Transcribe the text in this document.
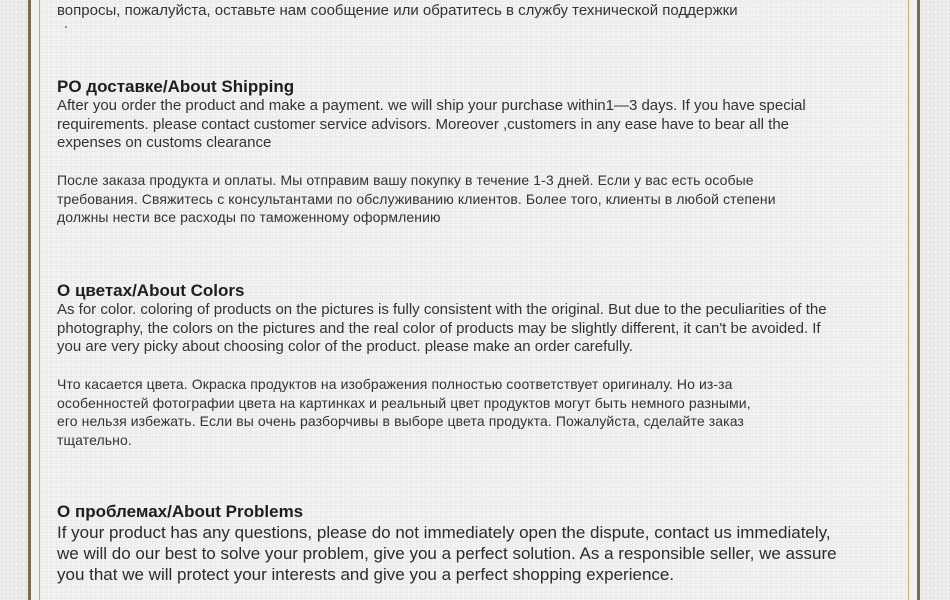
вопросы, пожалуйста, оставьте нам сообщение или обратитесь в службу технической поддержки

PO доставке/About Shipping

After you order the product and make a payment. we will ship your purchase within1—3 days. If you have special

requirements. please contact customer service advisors. Moreover ,customers in any ease have to bear all the

expenses on customs clearance

После заказа продукта и оплаты. Мы отправим вашу покупку в течение 1-3 дней. Если у вас есть особые

требования. Свяжитесь с консультантами по обслуживанию клиентов. Более того, клиенты в любой степени

должны нести все расходы по таможенному оформлению

О цветах/About Colors

As for color. coloring of products on the pictures is fully consistent with the original. But due to the peculiarities of the

photography, the colors on the pictures and the real color of products may be slightly different, it can't be avoided. If

you are very picky about choosing color of the product. please make an order carefully.

Что касается цвета. Окраска продуктов на изображения полностью соответствует оригиналу. Но из-за

особенностей фотографии цвета на картинках и реальный цвет продуктов могут быть немного разными,

его нельзя избежать. Если вы очень разборчивы в выборе цвета продукта. Пожалуйста, сделайте заказ

тщательно.

О проблемах/About Problems

If your product has any questions, please do not immediately open the dispute, contact us immediately,

we will do our best to solve your problem, give you a perfect solution. As a responsible seller, we assure

you that we will protect your interests and give you a perfect shopping experience.
